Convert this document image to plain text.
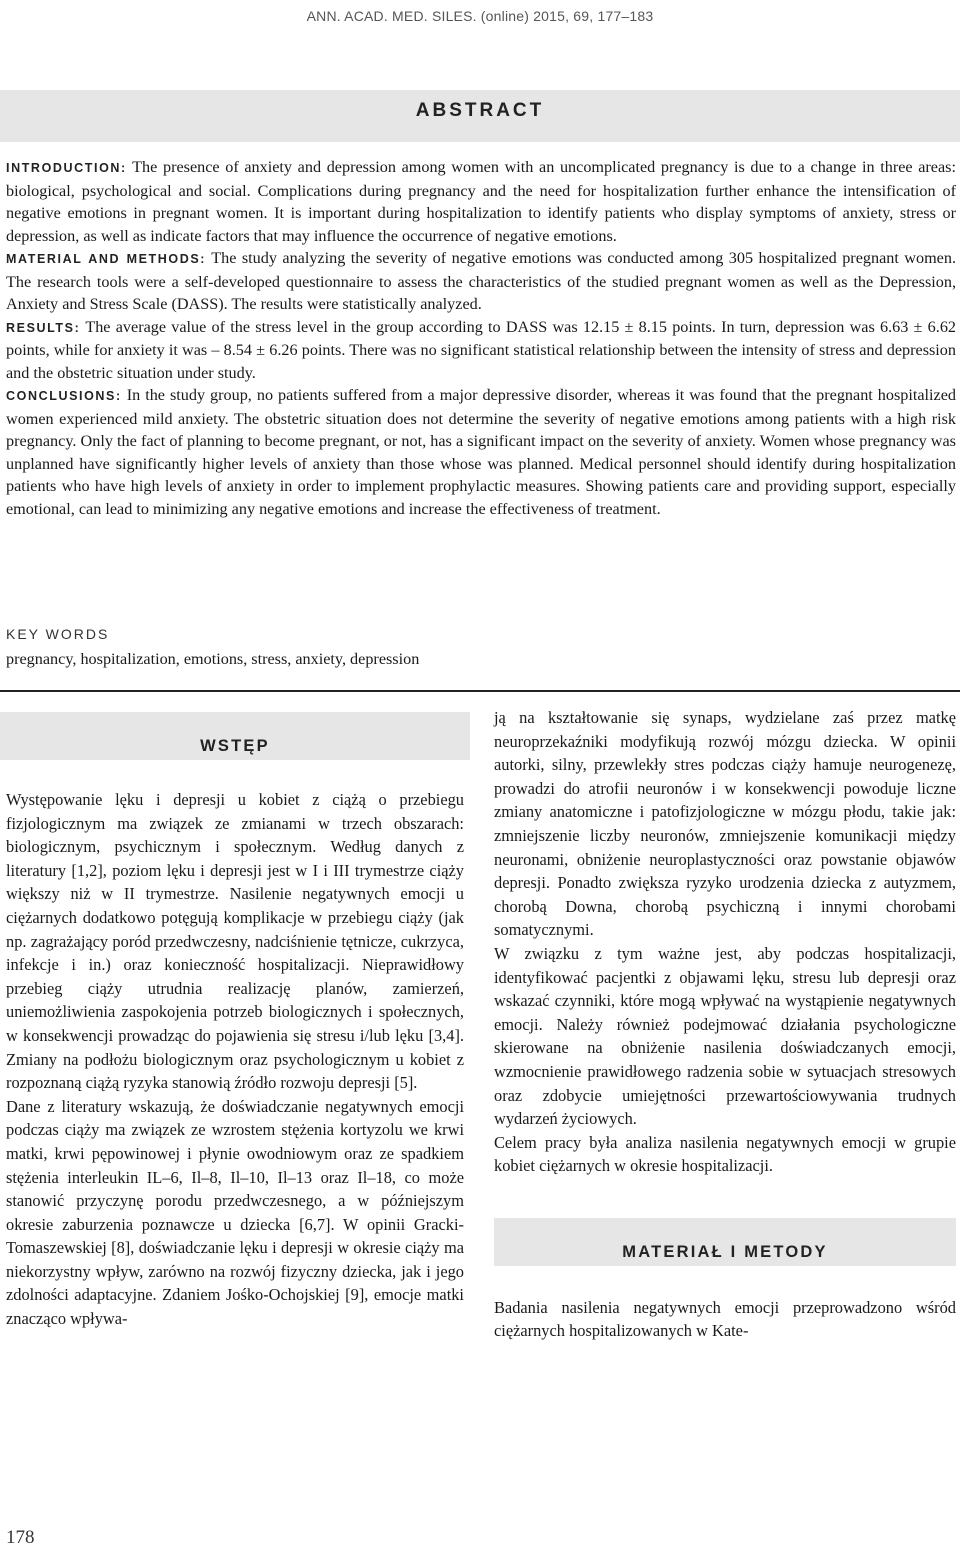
ANN. ACAD. MED. SILES. (online) 2015, 69, 177–183
ABSTRACT

INTRODUCTION: The presence of anxiety and depression among women with an uncomplicated pregnancy is due to a change in three areas: biological, psychological and social. Complications during pregnancy and the need for hospitalization further enhance the intensification of negative emotions in pregnant women. It is important during hospitalization to identify patients who display symptoms of anxiety, stress or depression, as well as indicate factors that may influence the occurrence of negative emotions.

MATERIAL AND METHODS: The study analyzing the severity of negative emotions was conducted among 305 hospitalized pregnant women. The research tools were a self-developed questionnaire to assess the characteristics of the studied pregnant women as well as the Depression, Anxiety and Stress Scale (DASS). The results were statistically analyzed.

RESULTS: The average value of the stress level in the group according to DASS was 12.15 ± 8.15 points. In turn, depression was 6.63 ± 6.62 points, while for anxiety it was – 8.54 ± 6.26 points. There was no significant statistical relationship between the intensity of stress and depression and the obstetric situation under study.

CONCLUSIONS: In the study group, no patients suffered from a major depressive disorder, whereas it was found that the pregnant hospitalized women experienced mild anxiety. The obstetric situation does not determine the severity of negative emotions among patients with a high risk pregnancy. Only the fact of planning to become pregnant, or not, has a significant impact on the severity of anxiety. Women whose pregnancy was unplanned have significantly higher levels of anxiety than those whose was planned. Medical personnel should identify during hospitalization patients who have high levels of anxiety in order to implement prophylactic measures. Showing patients care and providing support, especially emotional, can lead to minimizing any negative emotions and increase the effectiveness of treatment.

KEY WORDS
pregnancy, hospitalization, emotions, stress, anxiety, depression
WSTĘP

Występowanie lęku i depresji u kobiet z ciążą o przebiegu fizjologicznym ma związek ze zmianami w trzech obszarach: biologicznym, psychicznym i społecznym. Według danych z literatury [1,2], poziom lęku i depresji jest w I i III trymestrze ciąży większy niż w II trymestrze. Nasilenie negatywnych emocji u ciężarnych dodatkowo potęgują komplikacje w przebiegu ciąży (jak np. zagrażający poród przedwczesny, nadciśnienie tętnicze, cukrzyca, infekcje i in.) oraz konieczność hospitalizacji. Nieprawidłowy przebieg ciąży utrudnia realizację planów, zamierzeń, uniemożliwienia zaspokojenia potrzeb biologicznych i społecznych, w konsekwencji prowadząc do pojawienia się stresu i/lub lęku [3,4]. Zmiany na podłożu biologicznym oraz psychologicznym u kobiet z rozpoznaną ciążą ryzyka stanowią źródło rozwoju depresji [5].

Dane z literatury wskazują, że doświadczanie negatywnych emocji podczas ciąży ma związek ze wzrostem stężenia kortyzolu we krwi matki, krwi pępowinowej i płynie owodniowym oraz ze spadkiem stężenia interleukin IL–6, Il–8, Il–10, Il–13 oraz Il–18, co może stanowić przyczynę porodu przedwczesnego, a w późniejszym okresie zaburzenia poznawcze u dziecka [6,7]. W opinii Gracki-Tomaszewskiej [8], doświadczanie lęku i depresji w okresie ciąży ma niekorzystny wpływ, zarówno na rozwój fizyczny dziecka, jak i jego zdolności adaptacyjne. Zdaniem Jośko-Ochojskiej [9], emocje matki znacząco wpływa-

ją na kształtowanie się synaps, wydzielane zaś przez matkę neuroprzekaźniki modyfikują rozwój mózgu dziecka. W opinii autorki, silny, przewlekły stres podczas ciąży hamuje neurogenezę, prowadzi do atrofii neuronów i w konsekwencji powoduje liczne zmiany anatomiczne i patofizjologiczne w mózgu płodu, takie jak: zmniejszenie liczby neuronów, zmniejszenie komunikacji między neuronami, obniżenie neuroplastyczności oraz powstanie objawów depresji. Ponadto zwiększa ryzyko urodzenia dziecka z autyzmem, chorobą Downa, chorobą psychiczną i innymi chorobami somatycznymi.

W związku z tym ważne jest, aby podczas hospitalizacji, identyfikować pacjentki z objawami lęku, stresu lub depresji oraz wskazać czynniki, które mogą wpływać na wystąpienie negatywnych emocji. Należy również podejmować działania psychologiczne skierowane na obniżenie nasilenia doświadczanych emocji, wzmocnienie prawidłowego radzenia sobie w sytuacjach stresowych oraz zdobycie umiejętności przewartościowywania trudnych wydarzeń życiowych.

Celem pracy była analiza nasilenia negatywnych emocji w grupie kobiet ciężarnych w okresie hospitalizacji.

MATERIAŁ I METODY

Badania nasilenia negatywnych emocji przeprowadzono wśród ciężarnych hospitalizowanych w Kate-

178
